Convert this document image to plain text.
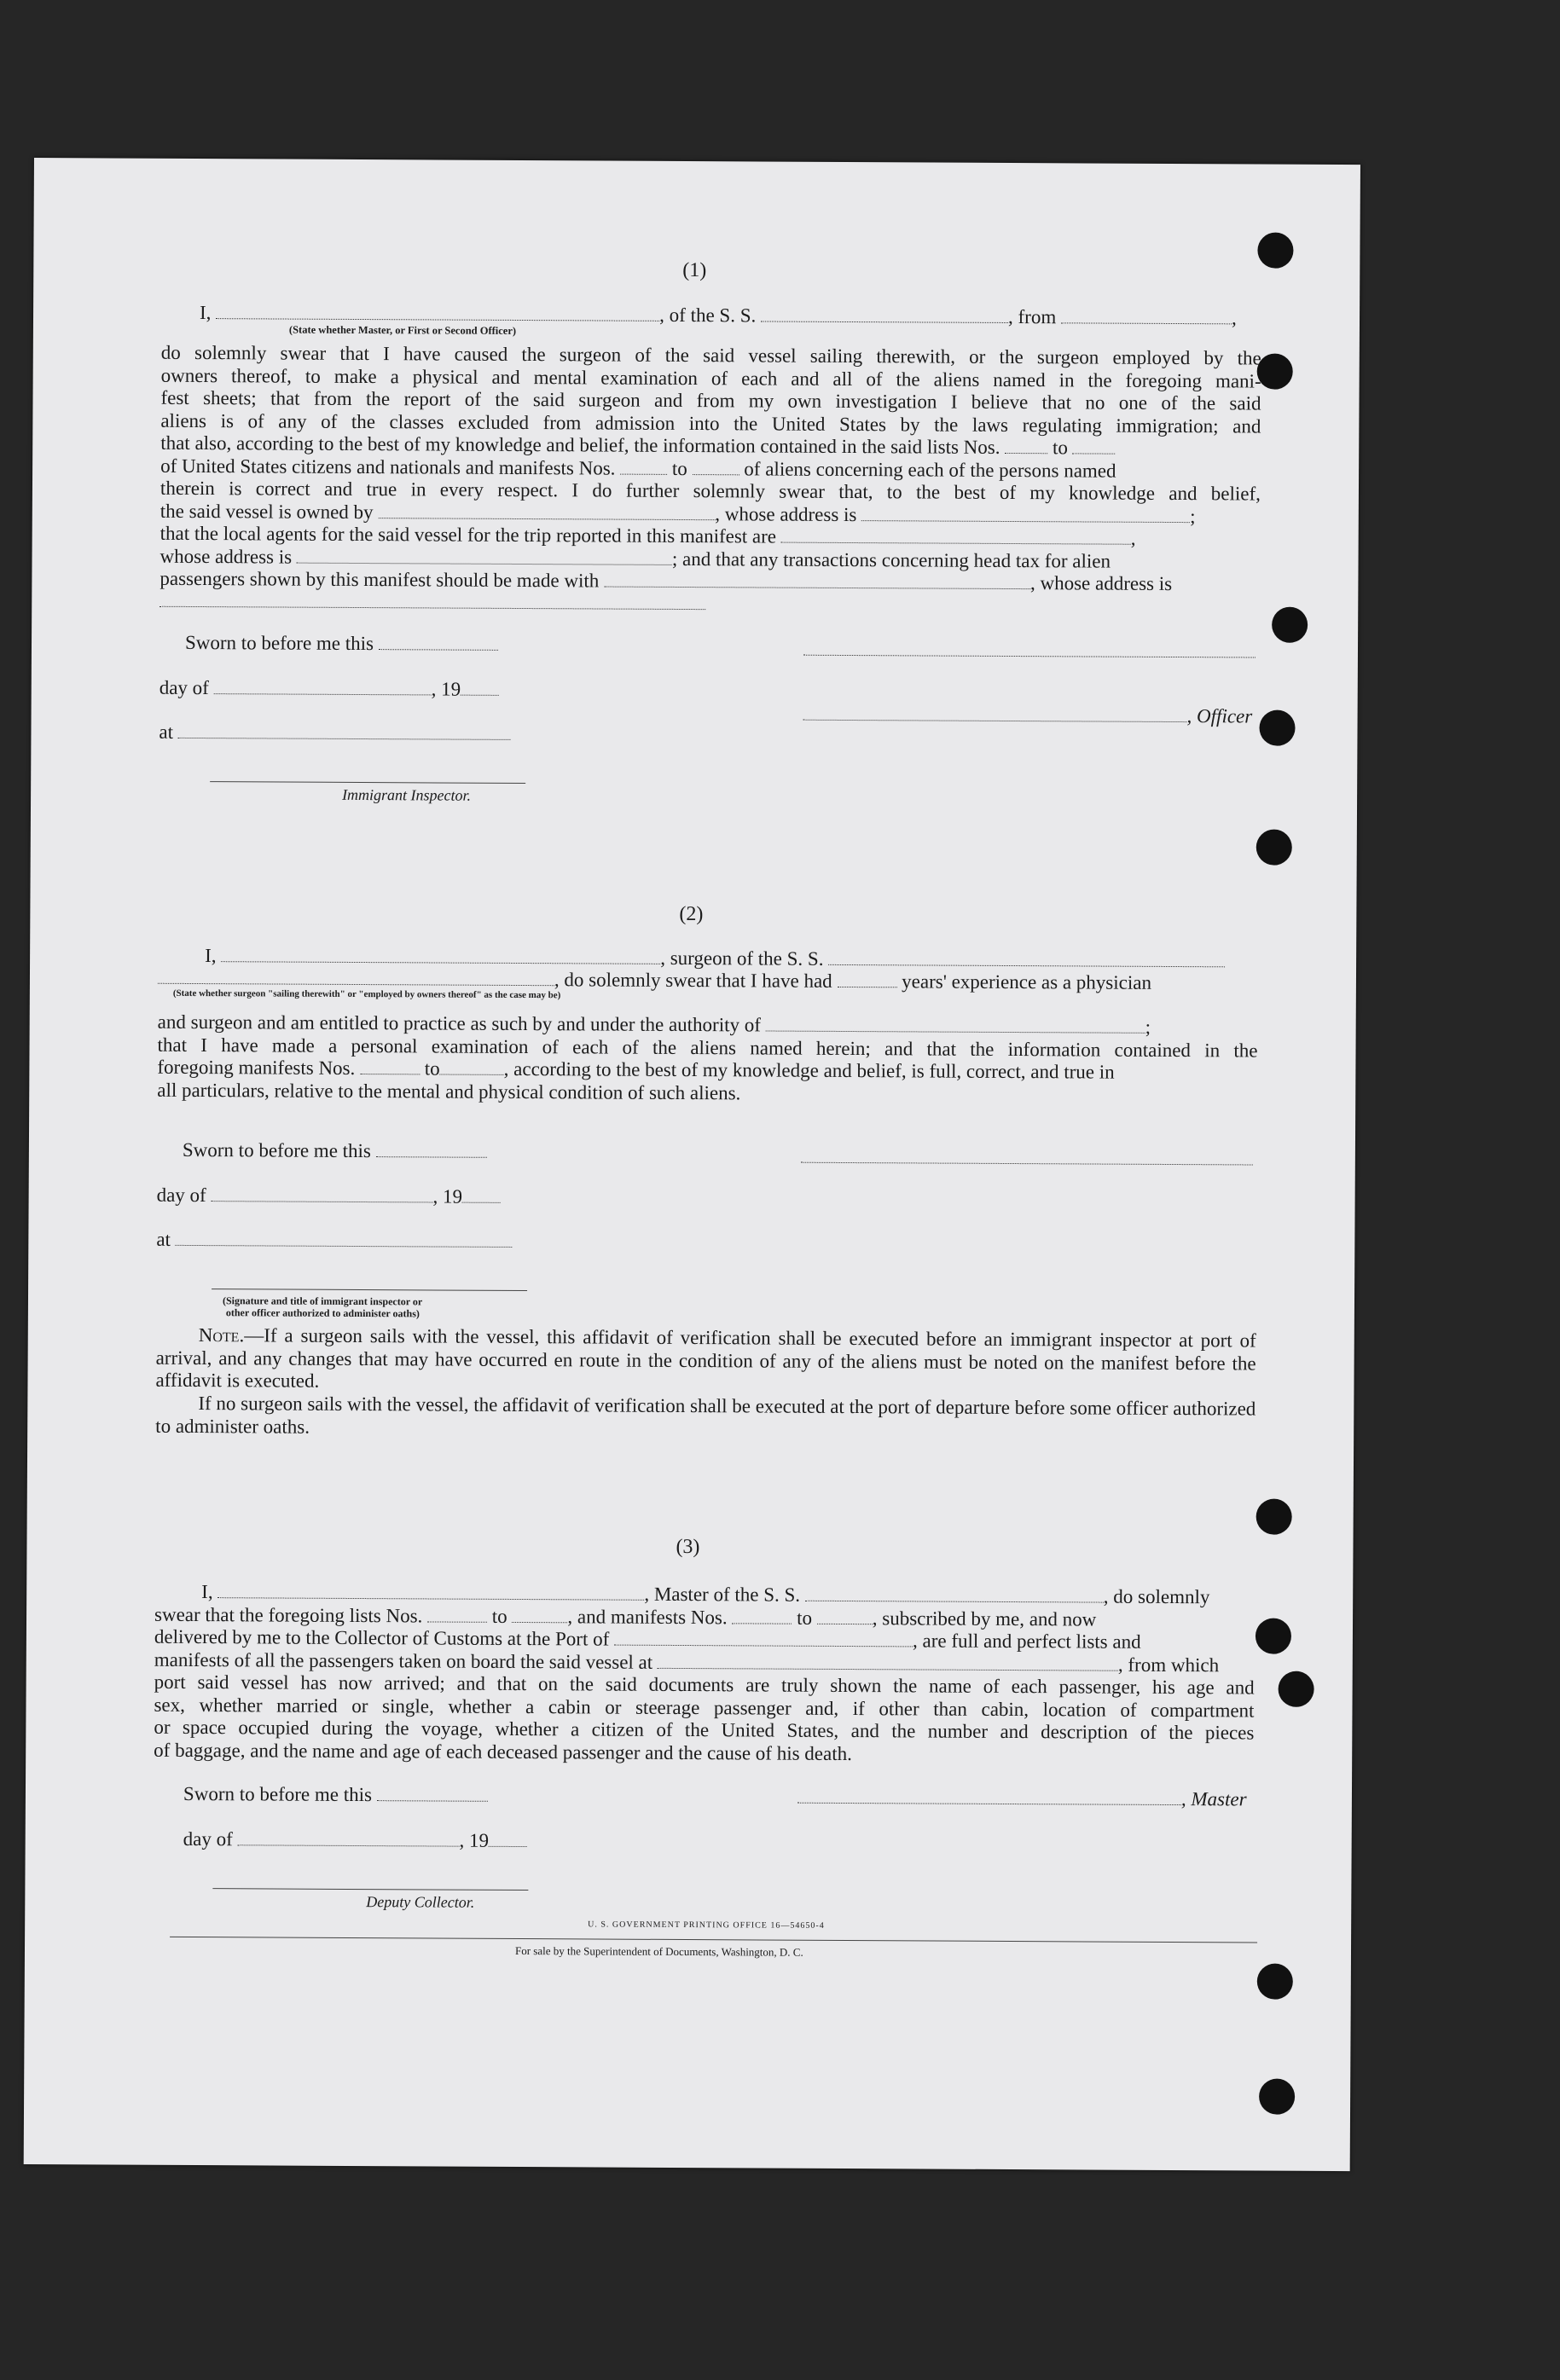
(1)
I,	, of the S. S.	, from	,
(State whether Master, or First or Second Officer)
do solemnly swear that I have caused the surgeon of the said vessel sailing therewith, or the surgeon employed by the
owners thereof, to make a physical and mental examination of each and all of the aliens named in the foregoing mani-
fest sheets; that from the report of the said surgeon and from my own investigation I believe that no one of the said
aliens is of any of the classes excluded from admission into the United States by the laws regulating immigration; and
that also, according to the best of my knowledge and belief, the information contained in the said lists Nos.	to
of United States citizens and nationals and manifests Nos.	to	of aliens concerning each of the persons named
therein is correct and true in every respect. I do further solemnly swear that, to the best of my knowledge and belief,
the said vessel is owned by	, whose address is	;
that the local agents for the said vessel for the trip reported in this manifest are	,
whose address is	; and that any transactions concerning head tax for alien
passengers shown by this manifest should be made with	, whose address is
Sworn to before me this
day of	, 19
, Officer
at
Immigrant Inspector.
(2)
I,	, surgeon of the S. S.
, do solemnly swear that I have had	years' experience as a physician
(State whether surgeon "sailing therewith" or "employed by owners thereof" as the case may be)
and surgeon and am entitled to practice as such by and under the authority of	;
that I have made a personal examination of each of the aliens named herein; and that the information contained in the
foregoing manifests Nos.	to	, according to the best of my knowledge and belief, is full, correct, and true in
all particulars, relative to the mental and physical condition of such aliens.
Sworn to before me this
day of	, 19
at
(Signature and title of immigrant inspector or
other officer authorized to administer oaths)
Note.—If a surgeon sails with the vessel, this affidavit of verification shall be executed before an immigrant inspector at port of arrival, and any changes that may have occurred en route in the condition of any of the aliens must be noted on the manifest before the affidavit is executed.
If no surgeon sails with the vessel, the affidavit of verification shall be executed at the port of departure before some officer authorized to administer oaths.
(3)
I,	, Master of the S. S.	, do solemnly
swear that the foregoing lists Nos.	to	, and manifests Nos.	to	, subscribed by me, and now
delivered by me to the Collector of Customs at the Port of	, are full and perfect lists and
manifests of all the passengers taken on board the said vessel at	, from which
port said vessel has now arrived; and that on the said documents are truly shown the name of each passenger, his age and
sex, whether married or single, whether a cabin or steerage passenger and, if other than cabin, location of compartment
or space occupied during the voyage, whether a citizen of the United States, and the number and description of the pieces
of baggage, and the name and age of each deceased passenger and the cause of his death.
Sworn to before me this	, Master
day of	, 19
Deputy Collector.
U. S. GOVERNMENT PRINTING OFFICE 16—54650-4
For sale by the Superintendent of Documents, Washington, D. C.
